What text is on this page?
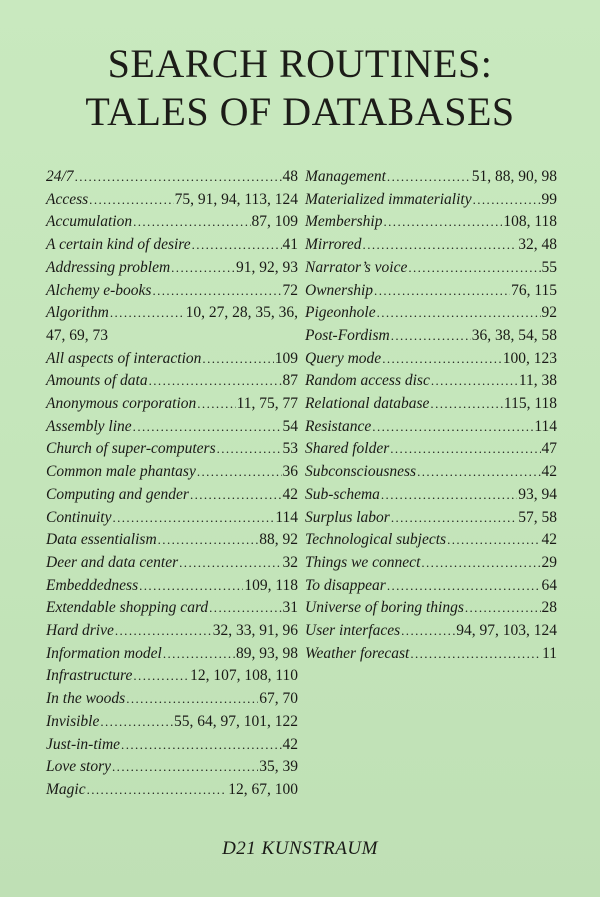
SEARCH ROUTINES:
TALES OF DATABASES
24/7 .....	48
Access .....	75, 91, 94, 113, 124
Accumulation .....	87, 109
A certain kind of desire .....	41
Addressing problem .....	91, 92, 93
Alchemy e-books .....	72
Algorithm .....	10, 27, 28, 35, 36,
47, 69, 73
All aspects of interaction .....	109
Amounts of data .....	87
Anonymous corporation .....	11, 75, 77
Assembly line .....	54
Church of super-computers .....	53
Common male phantasy .....	36
Computing and gender .....	42
Continuity .....	114
Data essentialism .....	88, 92
Deer and data center .....	32
Embeddedness .....	109, 118
Extendable shopping card .....	31
Hard drive .....	32, 33, 91, 96
Information model .....	89, 93, 98
Infrastructure .....	12, 107, 108, 110
In the woods .....	67, 70
Invisible .....	55, 64, 97, 101, 122
Just-in-time .....	42
Love story .....	35, 39
Magic .....	12, 67, 100
Management .....	51, 88, 90, 98
Materialized immateriality .....	99
Membership .....	108, 118
Mirrored .....	32, 48
Narrator’s voice .....	55
Ownership .....	76, 115
Pigeonhole .....	92
Post-Fordism .....	36, 38, 54, 58
Query mode .....	100, 123
Random access disc .....	11, 38
Relational database .....	115, 118
Resistance .....	114
Shared folder .....	47
Subconsciousness .....	42
Sub-schema .....	93, 94
Surplus labor .....	57, 58
Technological subjects .....	42
Things we connect .....	29
To disappear .....	64
Universe of boring things .....	28
User interfaces .....	94, 97, 103, 124
Weather forecast .....	11
D21 KUNSTRAUM
